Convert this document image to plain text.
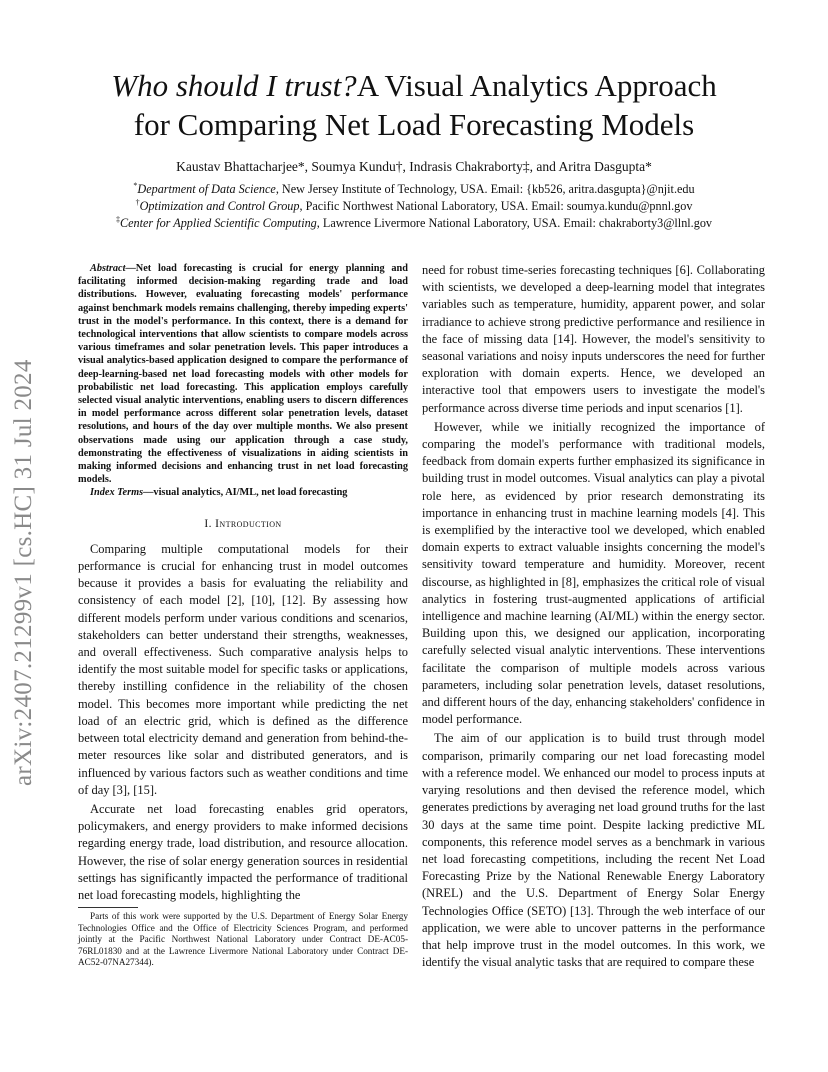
arXiv:2407.21299v1 [cs.HC] 31 Jul 2024
Who should I trust?A Visual Analytics Approach
for Comparing Net Load Forecasting Models
Kaustav Bhattacharjee*, Soumya Kundu†, Indrasis Chakraborty‡, and Aritra Dasgupta*
*Department of Data Science, New Jersey Institute of Technology, USA. Email: {kb526, aritra.dasgupta}@njit.edu
†Optimization and Control Group, Pacific Northwest National Laboratory, USA. Email: soumya.kundu@pnnl.gov
‡Center for Applied Scientific Computing, Lawrence Livermore National Laboratory, USA. Email: chakraborty3@llnl.gov

Abstract—Net load forecasting is crucial for energy planning and facilitating informed decision-making regarding trade and load distributions. However, evaluating forecasting models' performance against benchmark models remains challenging, thereby impeding experts' trust in the model's performance. In this context, there is a demand for technological interventions that allow scientists to compare models across various timeframes and solar penetration levels. This paper introduces a visual analytics-based application designed to compare the performance of deep-learning-based net load forecasting models with other models for probabilistic net load forecasting. This application employs carefully selected visual analytic interventions, enabling users to discern differences in model performance across different solar penetration levels, dataset resolutions, and hours of the day over multiple months. We also present observations made using our application through a case study, demonstrating the effectiveness of visualizations in aiding scientists in making informed decisions and enhancing trust in net load forecasting models.

Index Terms—visual analytics, AI/ML, net load forecasting

I. Introduction

Comparing multiple computational models for their performance is crucial for enhancing trust in model outcomes because it provides a basis for evaluating the reliability and consistency of each model [2], [10], [12]. By assessing how different models perform under various conditions and scenarios, stakeholders can better understand their strengths, weaknesses, and overall effectiveness. Such comparative analysis helps to identify the most suitable model for specific tasks or applications, thereby instilling confidence in the reliability of the chosen model. This becomes more important while predicting the net load of an electric grid, which is defined as the difference between total electricity demand and generation from behind-the-meter resources like solar and distributed generators, and is influenced by various factors such as weather conditions and time of day [3], [15].

Accurate net load forecasting enables grid operators, policymakers, and energy providers to make informed decisions regarding energy trade, load distribution, and resource allocation. However, the rise of solar energy generation sources in residential settings has significantly impacted the performance of traditional net load forecasting models, highlighting the

need for robust time-series forecasting techniques [6]. Collaborating with scientists, we developed a deep-learning model that integrates variables such as temperature, humidity, apparent power, and solar irradiance to achieve strong predictive performance and resilience in the face of missing data [14]. However, the model's sensitivity to seasonal variations and noisy inputs underscores the need for further exploration with domain experts. Hence, we developed an interactive tool that empowers users to investigate the model's performance across diverse time periods and input scenarios [1].

However, while we initially recognized the importance of comparing the model's performance with traditional models, feedback from domain experts further emphasized its significance in building trust in model outcomes. Visual analytics can play a pivotal role here, as evidenced by prior research demonstrating its importance in enhancing trust in machine learning models [4]. This is exemplified by the interactive tool we developed, which enabled domain experts to extract valuable insights concerning the model's sensitivity toward temperature and humidity. Moreover, recent discourse, as highlighted in [8], emphasizes the critical role of visual analytics in fostering trust-augmented applications of artificial intelligence and machine learning (AI/ML) within the energy sector. Building upon this, we designed our application, incorporating carefully selected visual analytic interventions. These interventions facilitate the comparison of multiple models across various parameters, including solar penetration levels, dataset resolutions, and different hours of the day, enhancing stakeholders' confidence in model performance.

The aim of our application is to build trust through model comparison, primarily comparing our net load forecasting model with a reference model. We enhanced our model to process inputs at varying resolutions and then devised the reference model, which generates predictions by averaging net load ground truths for the last 30 days at the same time point. Despite lacking predictive ML components, this reference model serves as a benchmark in various net load forecasting competitions, including the recent Net Load Forecasting Prize by the National Renewable Energy Laboratory (NREL) and the U.S. Department of Energy Solar Energy Technologies Office (SETO) [13]. Through the web interface of our application, we were able to uncover patterns in the performance that help improve trust in the model outcomes. In this work, we identify the visual analytic tasks that are required to compare these

Parts of this work were supported by the U.S. Department of Energy Solar Energy Technologies Office and the Office of Electricity Sciences Program, and performed jointly at the Pacific Northwest National Laboratory under Contract DE-AC05-76RL01830 and at the Lawrence Livermore National Laboratory under Contract DE-AC52-07NA27344).
